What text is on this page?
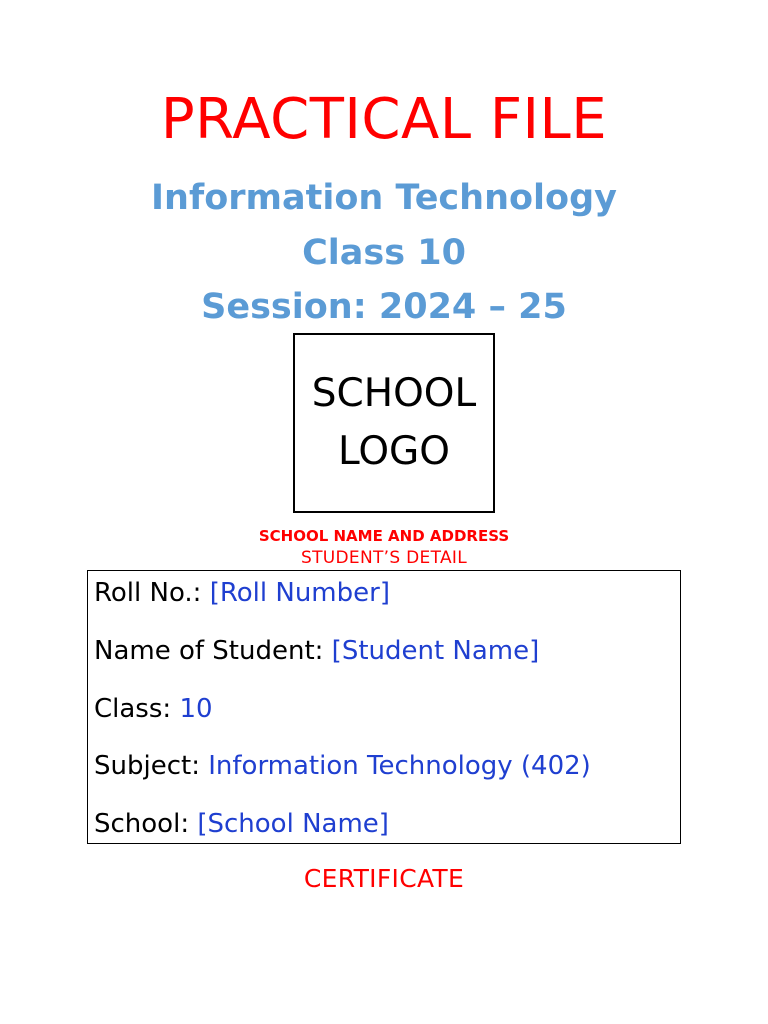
PRACTICAL FILE
Information Technology
Class 10
Session: 2024 – 25
SCHOOL
LOGO
SCHOOL NAME AND ADDRESS
STUDENT’S DETAIL
Roll No.: [Roll Number]
Name of Student: [Student Name]
Class: 10
Subject: Information Technology (402)
School: [School Name]
CERTIFICATE
